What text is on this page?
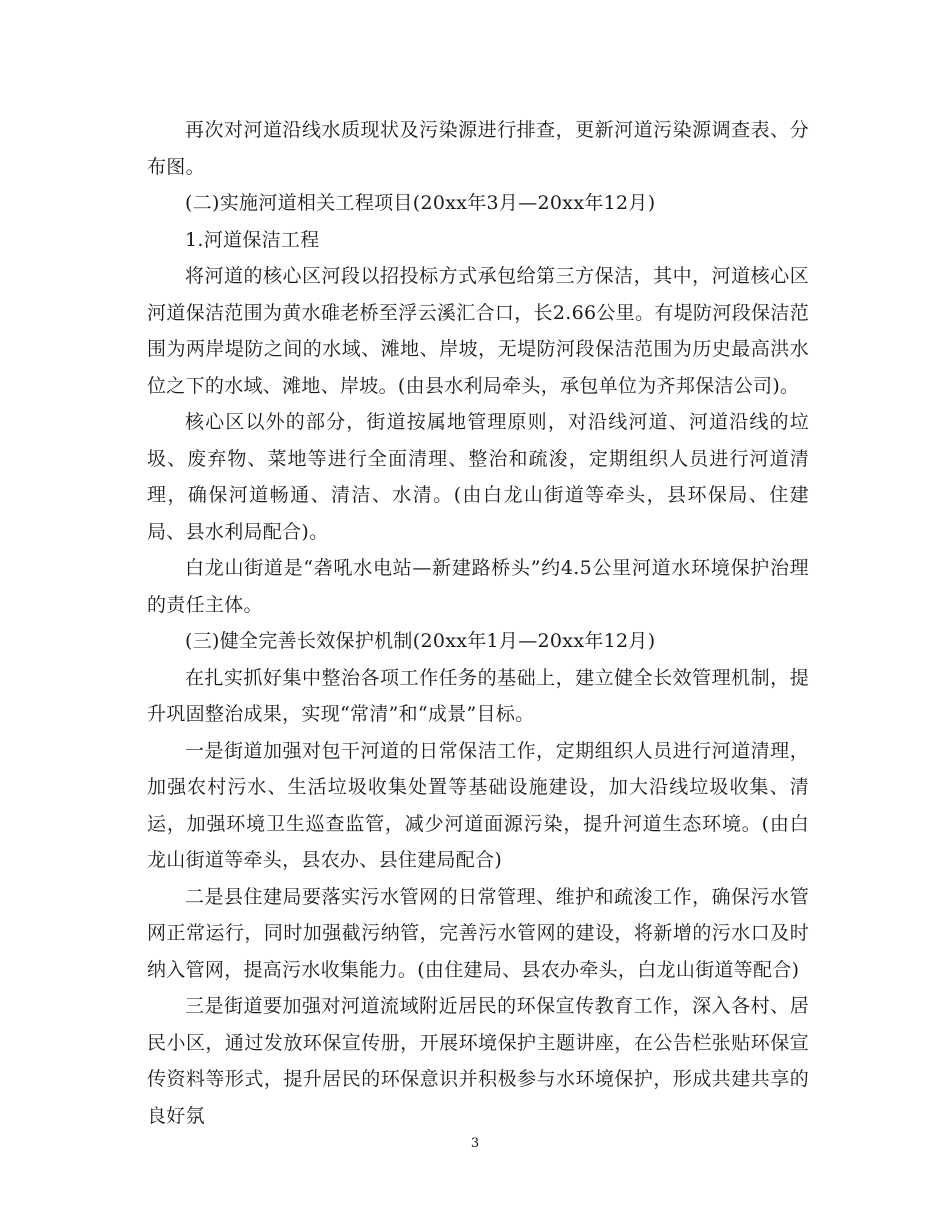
再次对河道沿线水质现状及污染源进行排查，更新河道污染源调查表、分布图。

(二)实施河道相关工程项目(20xx年3月—20xx年12月)

1.河道保洁工程

将河道的核心区河段以招投标方式承包给第三方保洁，其中，河道核心区河道保洁范围为黄水碓老桥至浮云溪汇合口，长2.66公里。有堤防河段保洁范围为两岸堤防之间的水域、滩地、岸坡，无堤防河段保洁范围为历史最高洪水位之下的水域、滩地、岸坡。(由县水利局牵头，承包单位为齐邦保洁公司)。

核心区以外的部分，街道按属地管理原则，对沿线河道、河道沿线的垃圾、废弃物、菜地等进行全面清理、整治和疏浚，定期组织人员进行河道清理，确保河道畅通、清洁、水清。(由白龙山街道等牵头，县环保局、住建局、县水利局配合)。

白龙山街道是“砻吼水电站—新建路桥头”约4.5公里河道水环境保护治理的责任主体。

(三)健全完善长效保护机制(20xx年1月—20xx年12月)

在扎实抓好集中整治各项工作任务的基础上，建立健全长效管理机制，提升巩固整治成果，实现“常清”和“成景”目标。

一是街道加强对包干河道的日常保洁工作，定期组织人员进行河道清理，加强农村污水、生活垃圾收集处置等基础设施建设，加大沿线垃圾收集、清运，加强环境卫生巡查监管，减少河道面源污染，提升河道生态环境。(由白龙山街道等牵头，县农办、县住建局配合)

二是县住建局要落实污水管网的日常管理、维护和疏浚工作，确保污水管网正常运行，同时加强截污纳管，完善污水管网的建设，将新增的污水口及时纳入管网，提高污水收集能力。(由住建局、县农办牵头，白龙山街道等配合)

三是街道要加强对河道流域附近居民的环保宣传教育工作，深入各村、居民小区，通过发放环保宣传册，开展环境保护主题讲座，在公告栏张贴环保宣传资料等形式，提升居民的环保意识并积极参与水环境保护，形成共建共享的良好氛

3
